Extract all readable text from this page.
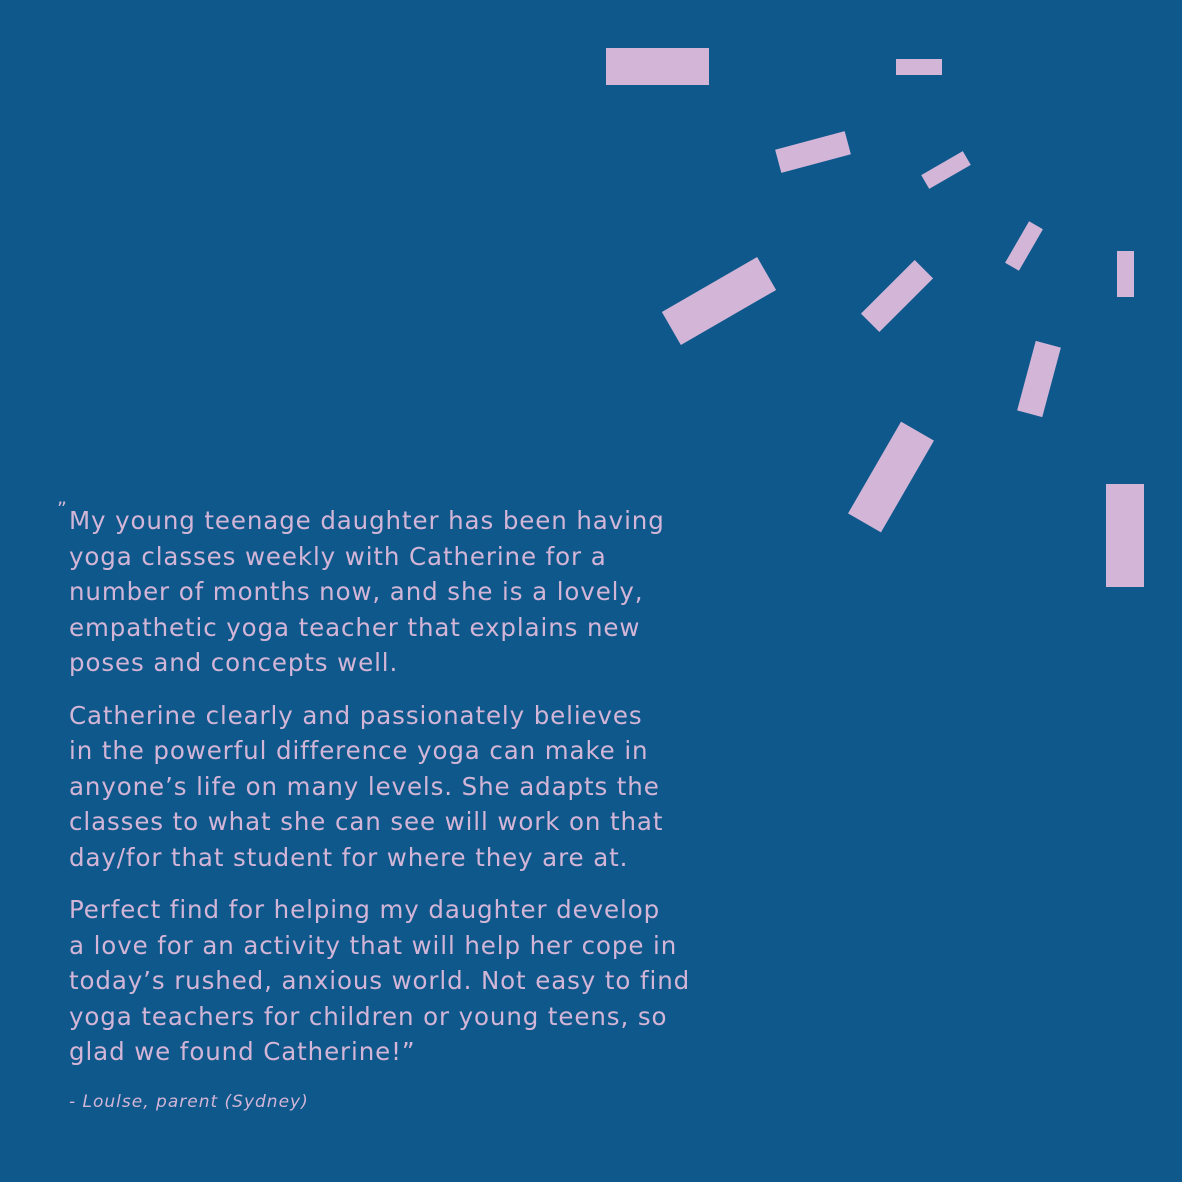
” My young teenage daughter has been having
yoga classes weekly with Catherine for a
number of months now, and she is a lovely,
empathetic yoga teacher that explains new
poses and concepts well.

Catherine clearly and passionately believes
in the powerful difference yoga can make in
anyone’s life on many levels. She adapts the
classes to what she can see will work on that
day/for that student for where they are at.

Perfect find for helping my daughter develop
a love for an activity that will help her cope in
today’s rushed, anxious world. Not easy to find
yoga teachers for children or young teens, so
glad we found Catherine!”

- Loulse, parent (Sydney)
